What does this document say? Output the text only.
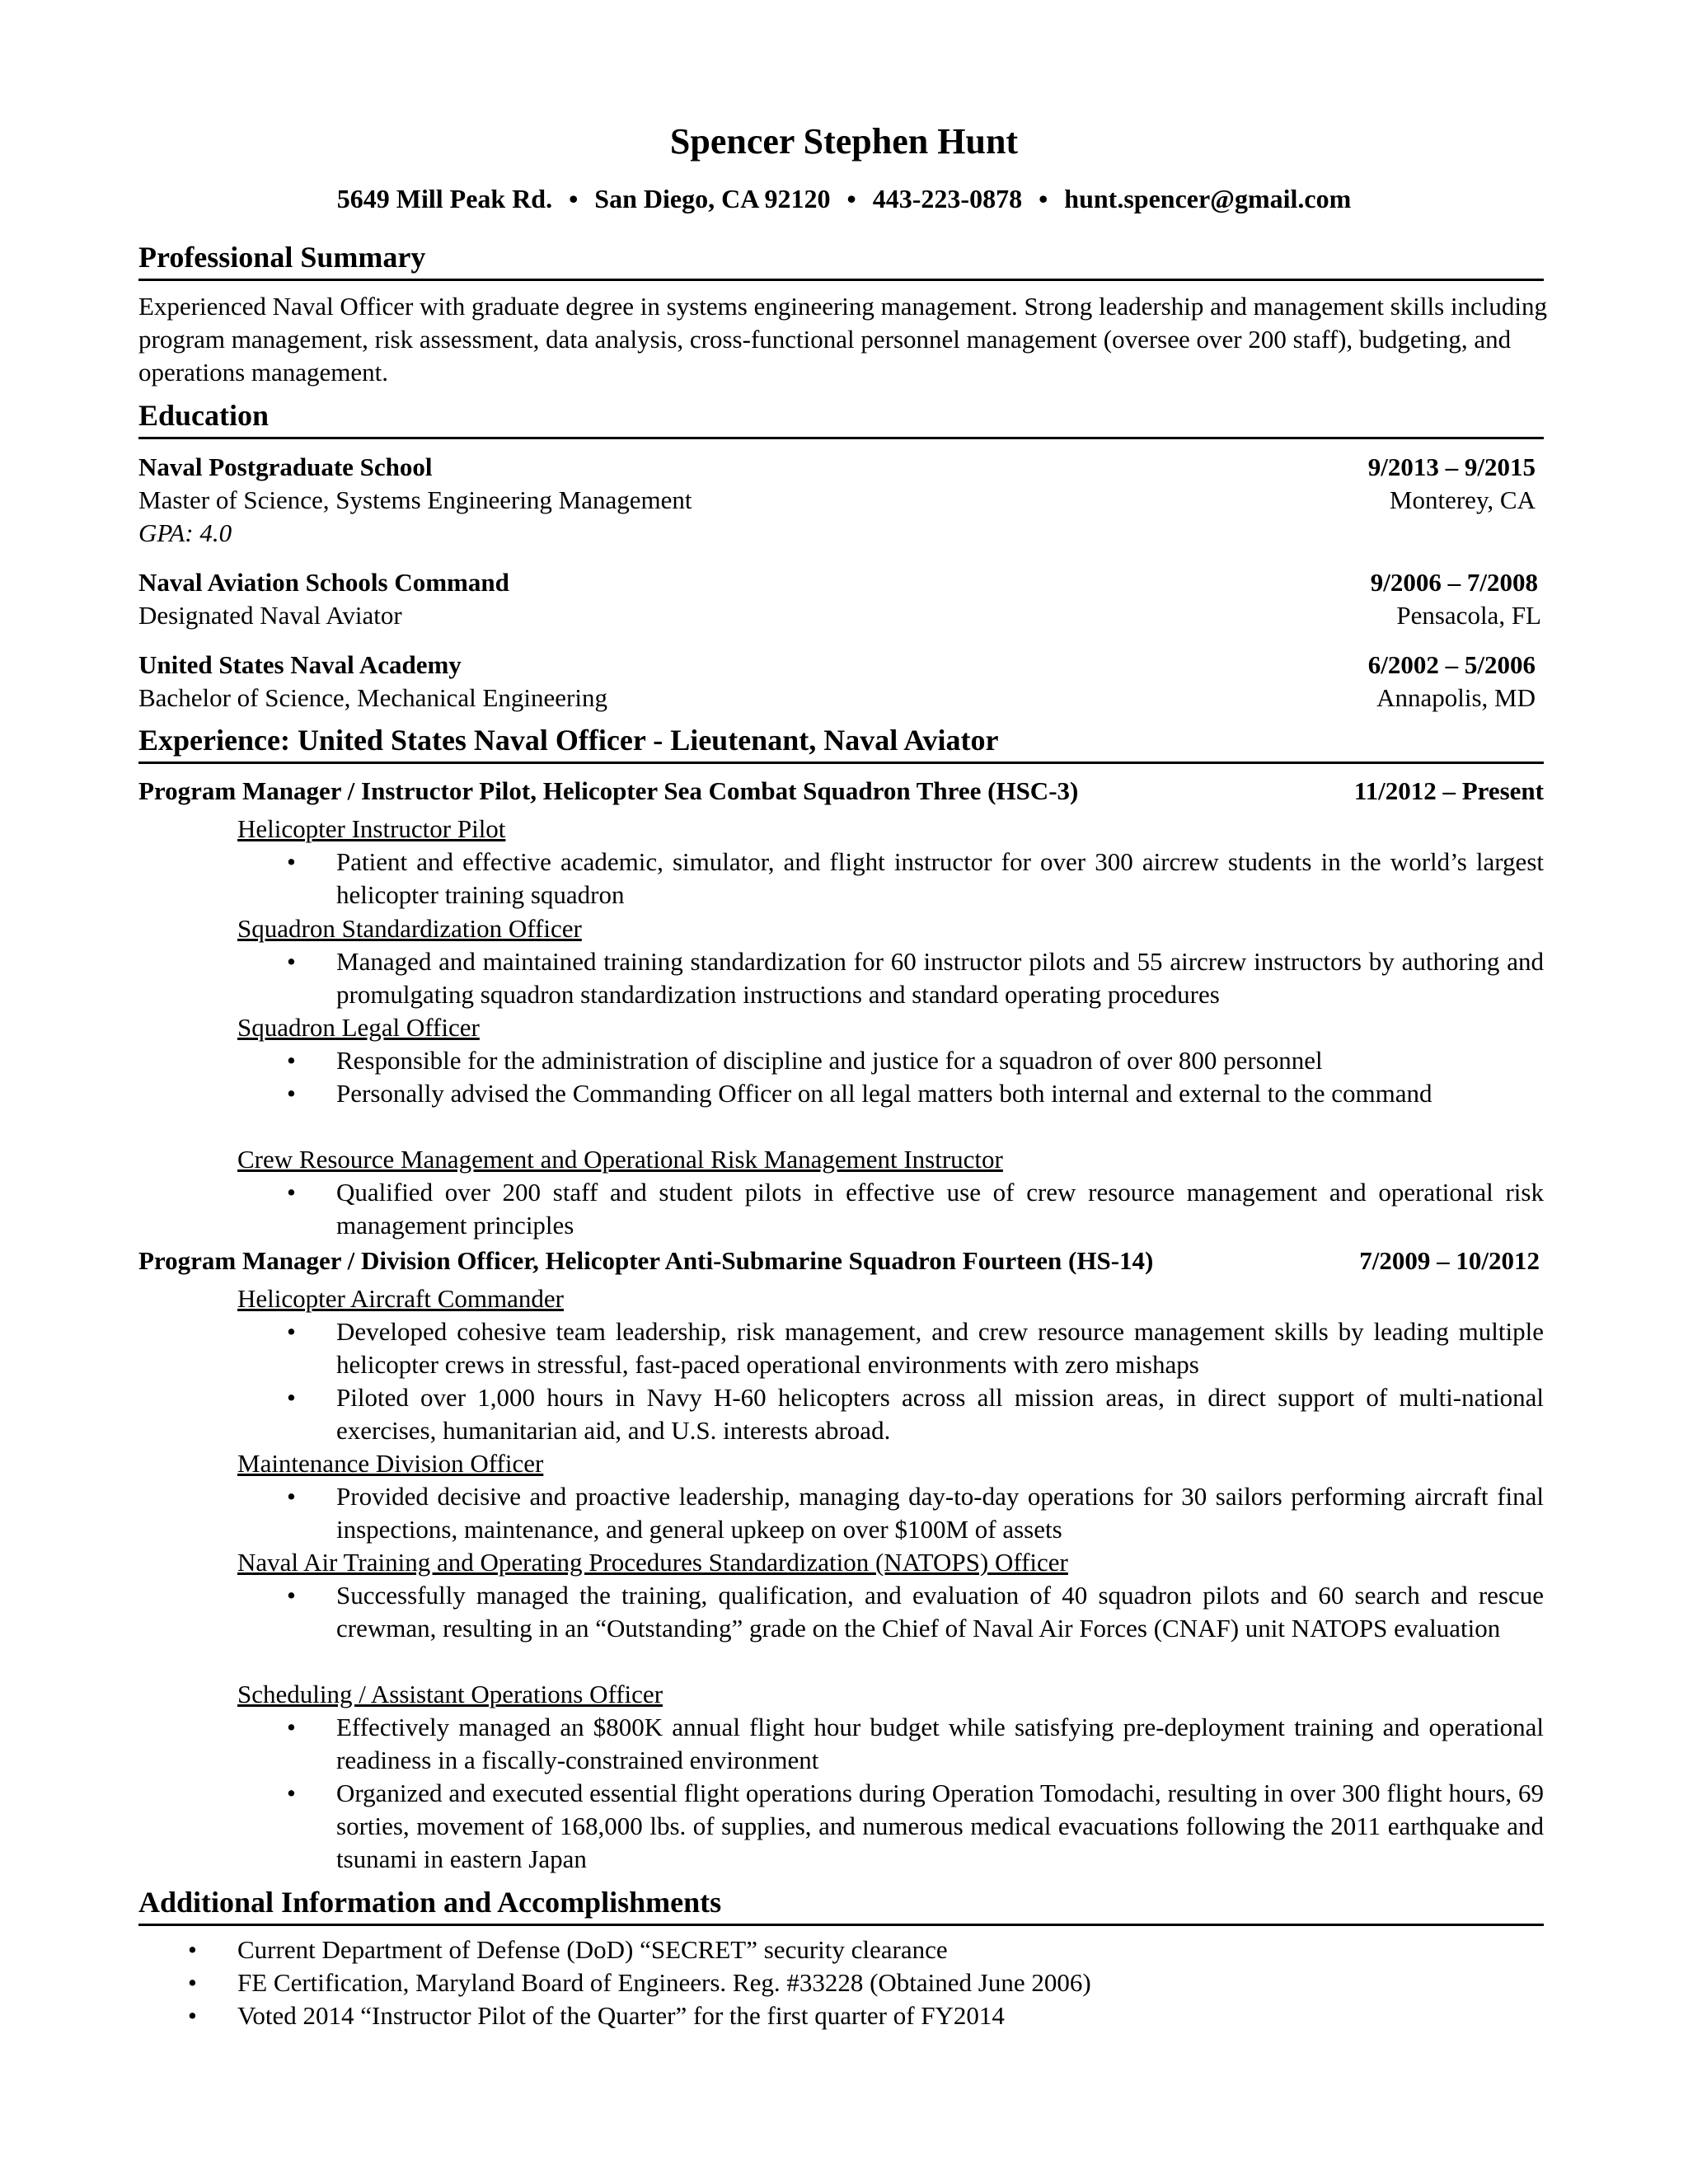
Spencer Stephen Hunt
5649 Mill Peak Rd. • San Diego, CA 92120 • 443-223-0878 • hunt.spencer@gmail.com
Professional Summary
Experienced Naval Officer with graduate degree in systems engineering management. Strong leadership and management skills including program management, risk assessment, data analysis, cross-functional personnel management (oversee over 200 staff), budgeting, and operations management.
Education
Naval Postgraduate School	9/2013 – 9/2015
Master of Science, Systems Engineering Management	Monterey, CA
GPA: 4.0
Naval Aviation Schools Command	9/2006 – 7/2008
Designated Naval Aviator	Pensacola, FL
United States Naval Academy	6/2002 – 5/2006
Bachelor of Science, Mechanical Engineering	Annapolis, MD
Experience: United States Naval Officer - Lieutenant, Naval Aviator
Program Manager / Instructor Pilot, Helicopter Sea Combat Squadron Three (HSC-3)	11/2012 – Present
Helicopter Instructor Pilot
• Patient and effective academic, simulator, and flight instructor for over 300 aircrew students in the world’s largest helicopter training squadron
Squadron Standardization Officer
• Managed and maintained training standardization for 60 instructor pilots and 55 aircrew instructors by authoring and promulgating squadron standardization instructions and standard operating procedures
Squadron Legal Officer
• Responsible for the administration of discipline and justice for a squadron of over 800 personnel
• Personally advised the Commanding Officer on all legal matters both internal and external to the command
Crew Resource Management and Operational Risk Management Instructor
• Qualified over 200 staff and student pilots in effective use of crew resource management and operational risk management principles
Program Manager / Division Officer, Helicopter Anti-Submarine Squadron Fourteen (HS-14)	7/2009 – 10/2012
Helicopter Aircraft Commander
• Developed cohesive team leadership, risk management, and crew resource management skills by leading multiple helicopter crews in stressful, fast-paced operational environments with zero mishaps
• Piloted over 1,000 hours in Navy H-60 helicopters across all mission areas, in direct support of multi-national exercises, humanitarian aid, and U.S. interests abroad.
Maintenance Division Officer
• Provided decisive and proactive leadership, managing day-to-day operations for 30 sailors performing aircraft final inspections, maintenance, and general upkeep on over $100M of assets
Naval Air Training and Operating Procedures Standardization (NATOPS) Officer
• Successfully managed the training, qualification, and evaluation of 40 squadron pilots and 60 search and rescue crewman, resulting in an “Outstanding” grade on the Chief of Naval Air Forces (CNAF) unit NATOPS evaluation
Scheduling / Assistant Operations Officer
• Effectively managed an $800K annual flight hour budget while satisfying pre-deployment training and operational readiness in a fiscally-constrained environment
• Organized and executed essential flight operations during Operation Tomodachi, resulting in over 300 flight hours, 69 sorties, movement of 168,000 lbs. of supplies, and numerous medical evacuations following the 2011 earthquake and tsunami in eastern Japan
Additional Information and Accomplishments
• Current Department of Defense (DoD) “SECRET” security clearance
• FE Certification, Maryland Board of Engineers. Reg. #33228 (Obtained June 2006)
• Voted 2014 “Instructor Pilot of the Quarter” for the first quarter of FY2014
